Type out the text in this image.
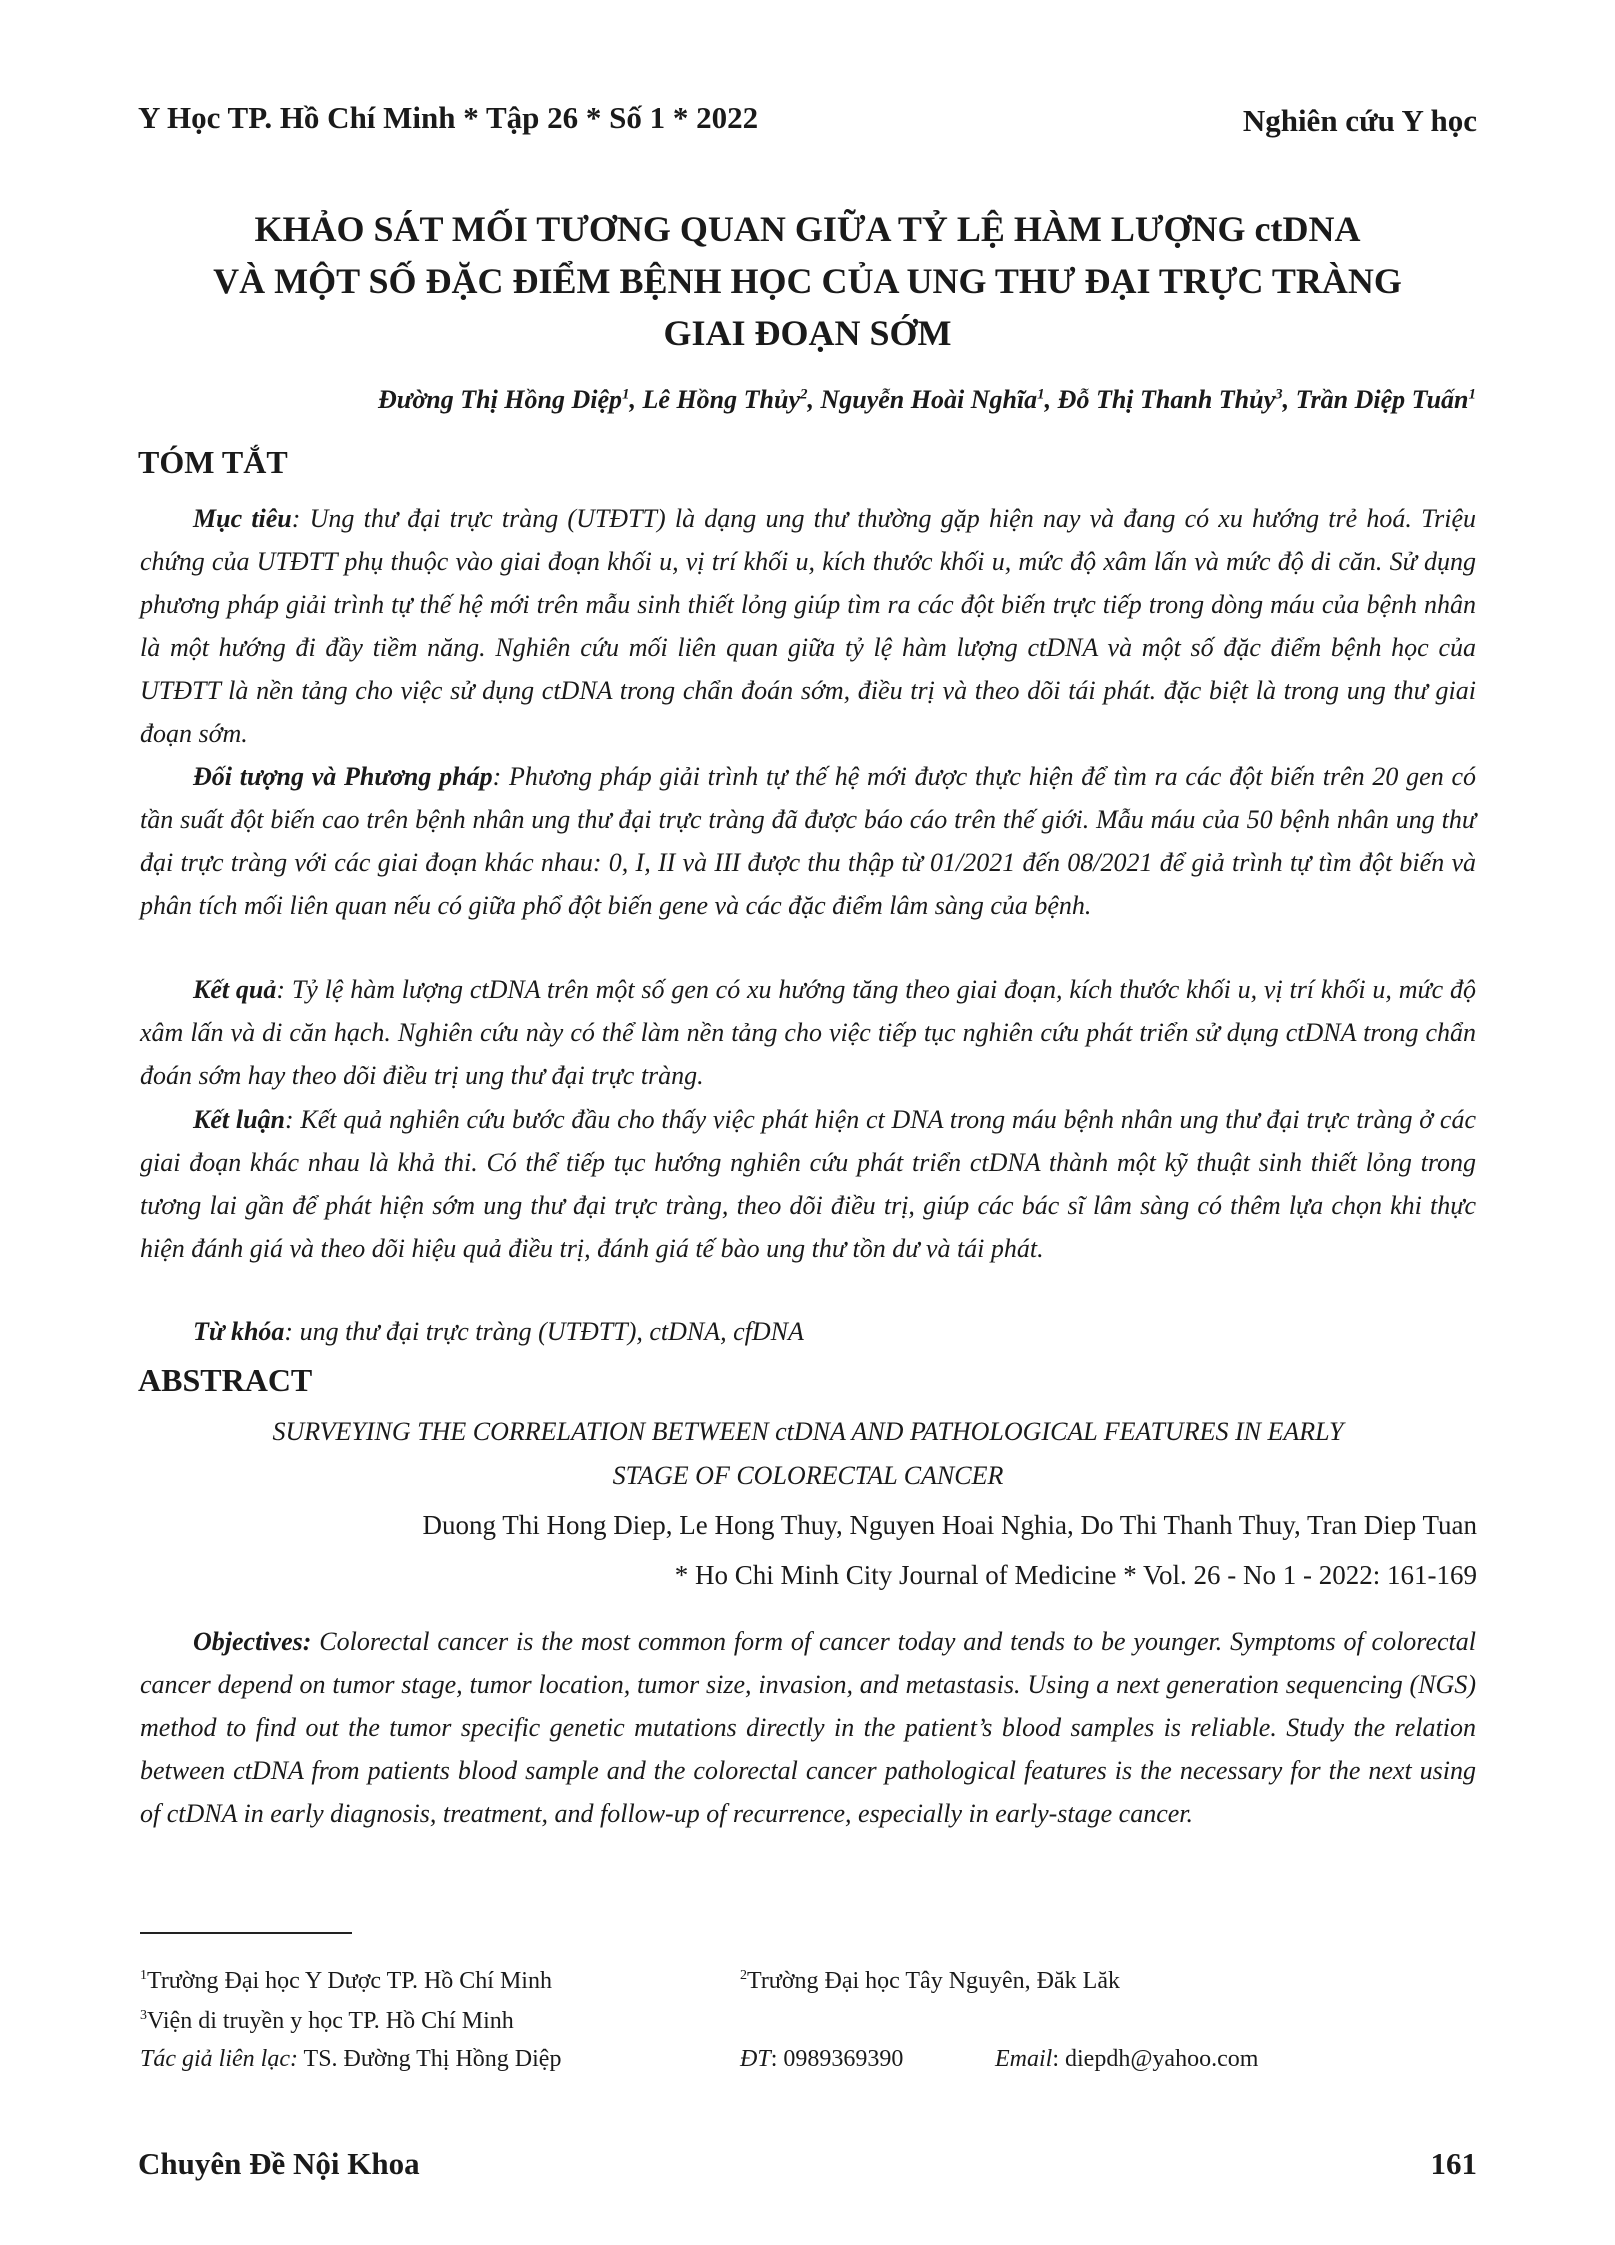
Y Học TP. Hồ Chí Minh * Tập 26 * Số 1 * 2022	Nghiên cứu Y học
KHẢO SÁT MỐI TƯƠNG QUAN GIỮA TỶ LỆ HÀM LƯỢNG ctDNA
VÀ MỘT SỐ ĐẶC ĐIỂM BỆNH HỌC CỦA UNG THƯ ĐẠI TRỰC TRÀNG
GIAI ĐOẠN SỚM
Đường Thị Hồng Diệp$^1$, Lê Hồng Thủy$^2$, Nguyễn Hoài Nghĩa$^1$, Đỗ Thị Thanh Thủy$^3$, Trần Diệp Tuấn$^1$
TÓM TẮT

Mục tiêu: Ung thư đại trực tràng (UTĐTT) là dạng ung thư thường gặp hiện nay và đang có xu hướng trẻ hoá. Triệu chứng của UTĐTT phụ thuộc vào giai đoạn khối u, vị trí khối u, kích thước khối u, mức độ xâm lấn và mức độ di căn. Sử dụng phương pháp giải trình tự thế hệ mới trên mẫu sinh thiết lỏng giúp tìm ra các đột biến trực tiếp trong dòng máu của bệnh nhân là một hướng đi đầy tiềm năng. Nghiên cứu mối liên quan giữa tỷ lệ hàm lượng ctDNA và một số đặc điểm bệnh học của UTĐTT là nền tảng cho việc sử dụng ctDNA trong chẩn đoán sớm, điều trị và theo dõi tái phát. đặc biệt là trong ung thư giai đoạn sớm.

Đối tượng và Phương pháp: Phương pháp giải trình tự thế hệ mới được thực hiện để tìm ra các đột biến trên 20 gen có tần suất đột biến cao trên bệnh nhân ung thư đại trực tràng đã được báo cáo trên thế giới. Mẫu máu của 50 bệnh nhân ung thư đại trực tràng với các giai đoạn khác nhau: 0, I, II và III được thu thập từ 01/2021 đến 08/2021 để giả trình tự tìm đột biến và phân tích mối liên quan nếu có giữa phổ đột biến gene và các đặc điểm lâm sàng của bệnh.

Kết quả: Tỷ lệ hàm lượng ctDNA trên một số gen có xu hướng tăng theo giai đoạn, kích thước khối u, vị trí khối u, mức độ xâm lấn và di căn hạch. Nghiên cứu này có thể làm nền tảng cho việc tiếp tục nghiên cứu phát triển sử dụng ctDNA trong chẩn đoán sớm hay theo dõi điều trị ung thư đại trực tràng.

Kết luận: Kết quả nghiên cứu bước đầu cho thấy việc phát hiện ct DNA trong máu bệnh nhân ung thư đại trực tràng ở các giai đoạn khác nhau là khả thi. Có thể tiếp tục hướng nghiên cứu phát triển ctDNA thành một kỹ thuật sinh thiết lỏng trong tương lai gần để phát hiện sớm ung thư đại trực tràng, theo dõi điều trị, giúp các bác sĩ lâm sàng có thêm lựa chọn khi thực hiện đánh giá và theo dõi hiệu quả điều trị, đánh giá tế bào ung thư tồn dư và tái phát.

Từ khóa: ung thư đại trực tràng (UTĐTT), ctDNA, cfDNA

ABSTRACT
SURVEYING THE CORRELATION BETWEEN ctDNA AND PATHOLOGICAL FEATURES IN EARLY
STAGE OF COLORECTAL CANCER
Duong Thi Hong Diep, Le Hong Thuy, Nguyen Hoai Nghia, Do Thi Thanh Thuy, Tran Diep Tuan
* Ho Chi Minh City Journal of Medicine * Vol. 26 - No 1 - 2022: 161-169

Objectives: Colorectal cancer is the most common form of cancer today and tends to be younger. Symptoms of colorectal cancer depend on tumor stage, tumor location, tumor size, invasion, and metastasis. Using a next generation sequencing (NGS) method to find out the tumor specific genetic mutations directly in the patient’s blood samples is reliable. Study the relation between ctDNA from patients blood sample and the colorectal cancer pathological features is the necessary for the next using of ctDNA in early diagnosis, treatment, and follow-up of recurrence, especially in early-stage cancer.

$^1$Trường Đại học Y Dược TP. Hồ Chí Minh	$^2$Trường Đại học Tây Nguyên, Đăk Lăk
$^3$Viện di truyền y học TP. Hồ Chí Minh
Tác giả liên lạc: TS. Đường Thị Hồng Diệp	ĐT: 0989369390	Email: diepdh@yahoo.com
Chuyên Đề Nội Khoa	161
